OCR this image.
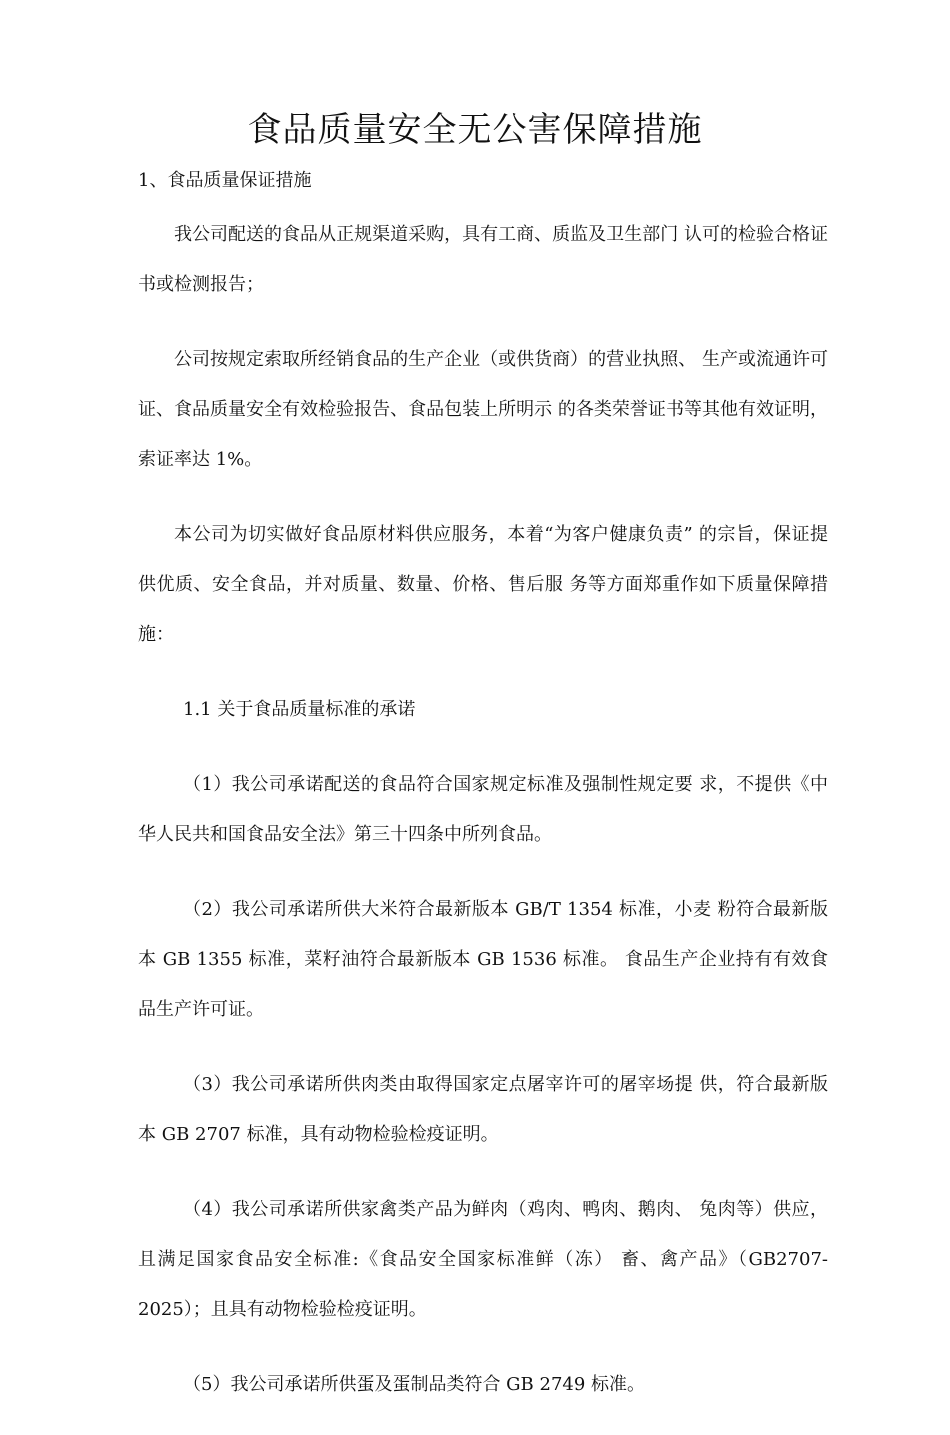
食品质量安全无公害保障措施
1、食品质量保证措施

我公司配送的食品从正规渠道采购，具有工商、质监及卫生部门 认可的检验合格证书或检测报告；

公司按规定索取所经销食品的生产企业（或供货商）的营业执照、 生产或流通许可证、食品质量安全有效检验报告、食品包装上所明示 的各类荣誉证书等其他有效证明，索证率达 1%。

本公司为切实做好食品原材料供应服务，本着“为客户健康负责” 的宗旨，保证提供优质、安全食品，并对质量、数量、价格、售后服 务等方面郑重作如下质量保障措施：

1.1 关于食品质量标准的承诺

（1）我公司承诺配送的食品符合国家规定标准及强制性规定要 求，不提供《中华人民共和国食品安全法》第三十四条中所列食品。

（2）我公司承诺所供大米符合最新版本 GB/T 1354 标准，小麦 粉符合最新版本 GB 1355 标准，菜籽油符合最新版本 GB 1536 标准。 食品生产企业持有有效食品生产许可证。

（3）我公司承诺所供肉类由取得国家定点屠宰许可的屠宰场提 供，符合最新版本 GB 2707 标准，具有动物检验检疫证明。

（4）我公司承诺所供家禽类产品为鲜肉（鸡肉、鸭肉、鹅肉、 兔肉等）供应，且满足国家食品安全标准:《食品安全国家标准鲜（冻） 畜、禽产品》（GB2707-2025）；且具有动物检验检疫证明。

（5）我公司承诺所供蛋及蛋制品类符合 GB 2749 标准。
